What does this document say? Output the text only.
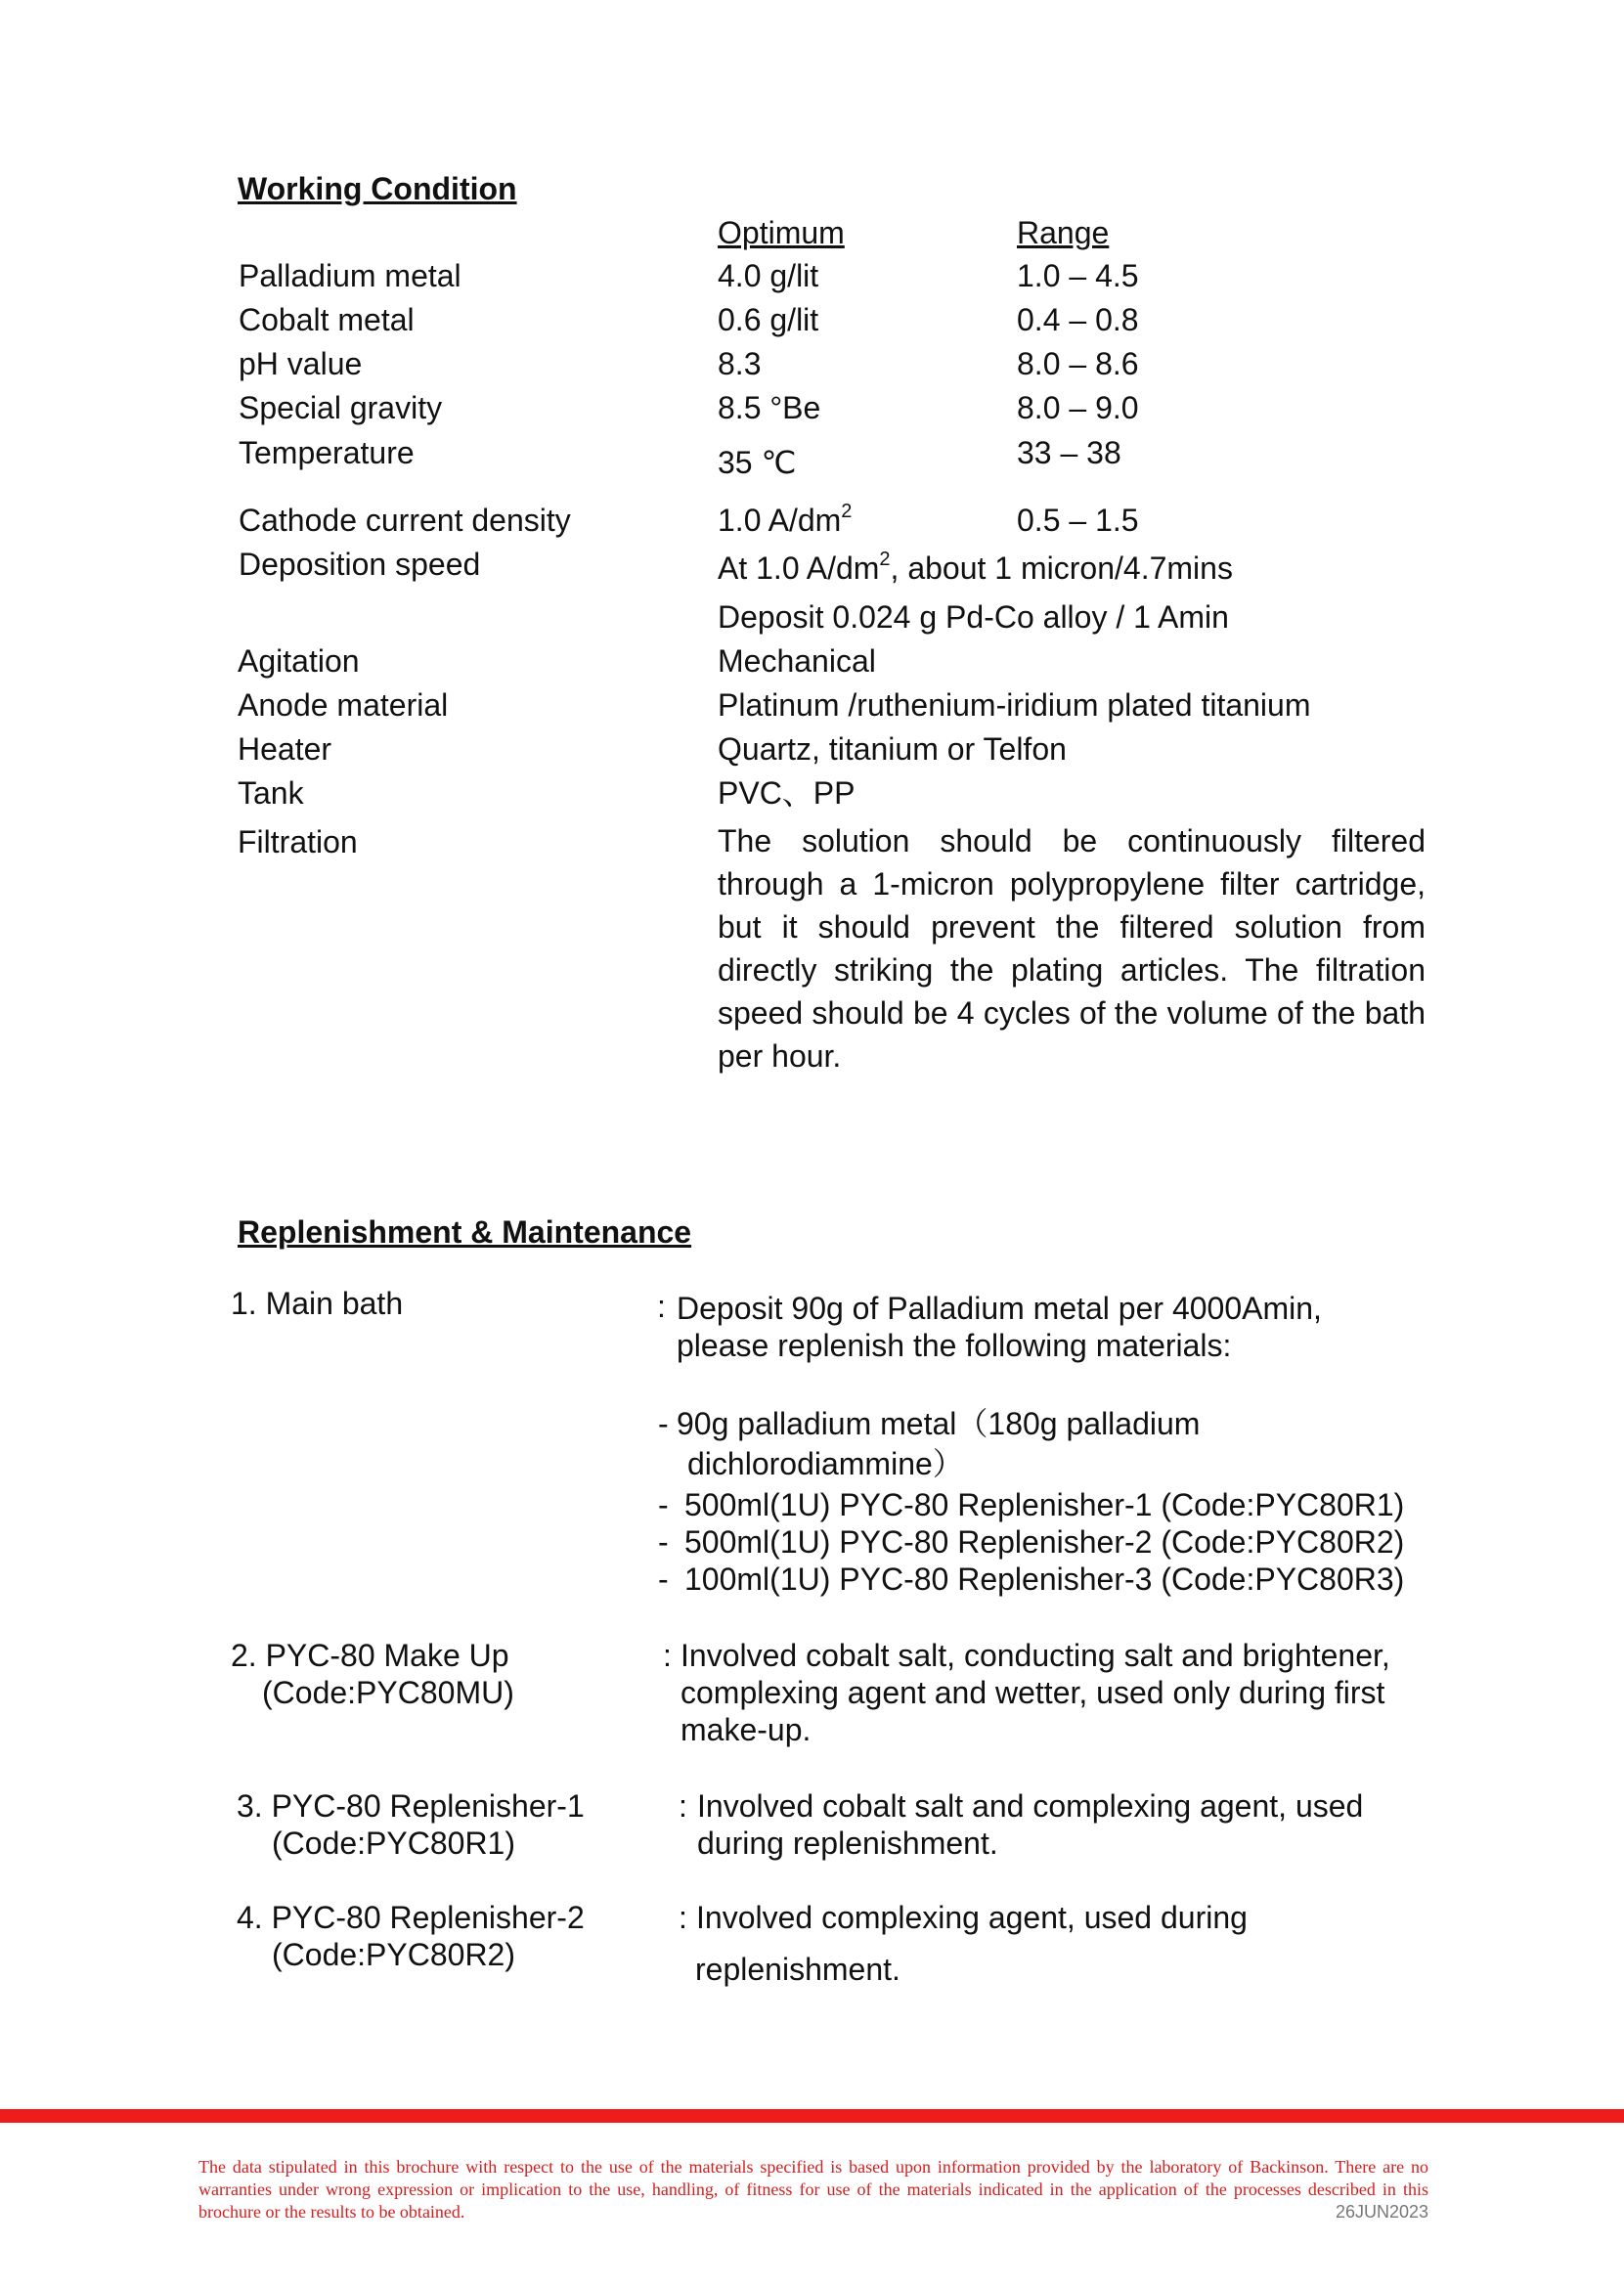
Working Condition
Optimum	Range
Palladium metal	4.0 g/lit	1.0 – 4.5
Cobalt metal	0.6 g/lit	0.4 – 0.8
pH value	8.3	8.0 – 8.6
Special gravity	8.5 °Be	8.0 – 9.0
Temperature	35 ℃	33 – 38
Cathode current density	1.0 $A/dm^2$	0.5 – 1.5
Deposition speed	At 1.0 $A/dm^2$, about 1 micron/4.7mins
Deposit 0.024 g Pd-Co alloy / 1 Amin
Agitation	Mechanical
Anode material	Platinum /ruthenium-iridium plated titanium
Heater	Quartz, titanium or Telfon
Tank	PVC、PP
Filtration	The solution should be continuously filtered through a 1-micron polypropylene filter cartridge, but it should prevent the filtered solution from directly striking the plating articles. The filtration speed should be 4 cycles of the volume of the bath per hour.
Replenishment & Maintenance
1. Main bath	: Deposit 90g of Palladium metal per 4000Amin,
please replenish the following materials:
- 90g palladium metal（180g palladium
dichlorodiammine）
- 500ml(1U) PYC-80 Replenisher-1 (Code:PYC80R1)
- 500ml(1U) PYC-80 Replenisher-2 (Code:PYC80R2)
- 100ml(1U) PYC-80 Replenisher-3 (Code:PYC80R3)
2. PYC-80 Make Up
(Code:PYC80MU)
: Involved cobalt salt, conducting salt and brightener,
complexing agent and wetter, used only during first
make-up.
3. PYC-80 Replenisher-1
(Code:PYC80R1)
: Involved cobalt salt and complexing agent, used
during replenishment.
4. PYC-80 Replenisher-2
(Code:PYC80R2)
: Involved complexing agent, used during
replenishment.
The data stipulated in this brochure with respect to the use of the materials specified is based upon information provided by the laboratory of Backinson. There are no warranties under wrong expression or implication to the use, handling, of fitness for use of the materials indicated in the application of the processes described in this brochure or the results to be obtained.	26JUN2023
